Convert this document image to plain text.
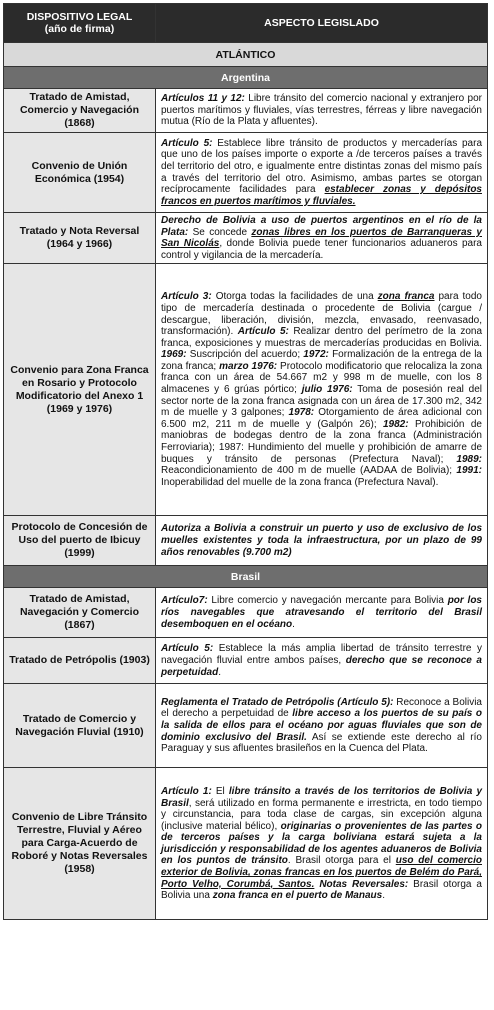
DISPOSITIVO LEGAL
(año de firma)	ASPECTO LEGISLADO
ATLÁNTICO	
Argentina	
Tratado de Amistad, Comercio y Navegación (1868)	Artículos 11 y 12: Libre tránsito del comercio nacional y extranjero por puertos marítimos y fluviales, vías terrestres, férreas y libre navegación mutua (Río de la Plata y afluentes).
Convenio de Unión Económica (1954)	Artículo 5: Establece libre tránsito de productos y mercaderías para que uno de los países importe o exporte a /de terceros países a través del territorio del otro, e igualmente entre distintas zonas del mismo país a través del territorio del otro. Asimismo, ambas partes se otorgan recíprocamente facilidades para establecer zonas y depósitos francos en puertos marítimos y fluviales.
Tratado y Nota Reversal (1964 y 1966)	Derecho de Bolivia a uso de puertos argentinos en el río de la Plata: Se concede zonas libres en los puertos de Barranqueras y San Nicolás, donde Bolivia puede tener funcionarios aduaneros para control y vigilancia de la mercadería.
Convenio para Zona Franca en Rosario y Protocolo Modificatorio del Anexo 1 (1969 y 1976)	Artículo 3: Otorga todas la facilidades de una zona franca para todo tipo de mercadería destinada o procedente de Bolivia (cargue / descargue, liberación, división, mezcla, envasado, reenvasado, transformación). Artículo 5: Realizar dentro del perímetro de la zona franca, exposiciones y muestras de mercaderías producidas en Bolivia. 1969: Suscripción del acuerdo; 1972: Formalización de la entrega de la zona franca; marzo 1976: Protocolo modificatorio que relocaliza la zona franca con un área de 54.667 m2 y 998 m de muelle, con los 8 almacenes y 6 grúas pórtico; julio 1976: Toma de posesión real del sector norte de la zona franca asignada con un área de 17.300 m2, 342 m de muelle y 3 galpones; 1978: Otorgamiento de área adicional con 6.500 m2, 211 m de muelle y (Galpón 26); 1982: Prohibición de maniobras de bodegas dentro de la zona franca (Administración Ferroviaria); 1987: Hundimiento del muelle y prohibición de amarre de buques y tránsito de personas (Prefectura Naval); 1989: Reacondicionamiento de 400 m de muelle (AADAA de Bolivia); 1991: Inoperabilidad del muelle de la zona franca (Prefectura Naval).
Protocolo de Concesión de Uso del puerto de Ibicuy (1999)	Autoriza a Bolivia a construir un puerto y uso de exclusivo de los muelles existentes y toda la infraestructura, por un plazo de 99 años renovables (9.700 m2)
Brasil	
Tratado de Amistad, Navegación y Comercio (1867)	Artículo7: Libre comercio y navegación mercante para Bolivia por los ríos navegables que atravesando el territorio del Brasil desemboquen en el océano.
Tratado de Petrópolis (1903)	Artículo 5: Establece la más amplia libertad de tránsito terrestre y navegación fluvial entre ambos países, derecho que se reconoce a perpetuidad.
Tratado de Comercio y Navegación Fluvial (1910)	Reglamenta el Tratado de Petrópolis (Artículo 5): Reconoce a Bolivia el derecho a perpetuidad de libre acceso a los puertos de su país o la salida de ellos para el océano por aguas fluviales que son de dominio exclusivo del Brasil. Así se extiende este derecho al río Paraguay y sus afluentes brasileños en la Cuenca del Plata.
Convenio de Libre Tránsito Terrestre, Fluvial y Aéreo para Carga-Acuerdo de Roboré y Notas Reversales (1958)	Artículo 1: El libre tránsito a través de los territorios de Bolivia y Brasil, será utilizado en forma permanente e irrestricta, en todo tiempo y circunstancia, para toda clase de cargas, sin excepción alguna (inclusive material bélico), originarias o provenientes de las partes o de terceros países y la carga boliviana estará sujeta a la jurisdicción y responsabilidad de los agentes aduaneros de Bolivia en los puntos de tránsito. Brasil otorga para el uso del comercio exterior de Bolivia, zonas francas en los puertos de Belém do Pará, Porto Velho, Corumbá, Santos. Notas Reversales: Brasil otorga a Bolivia una zona franca en el puerto de Manaus.
